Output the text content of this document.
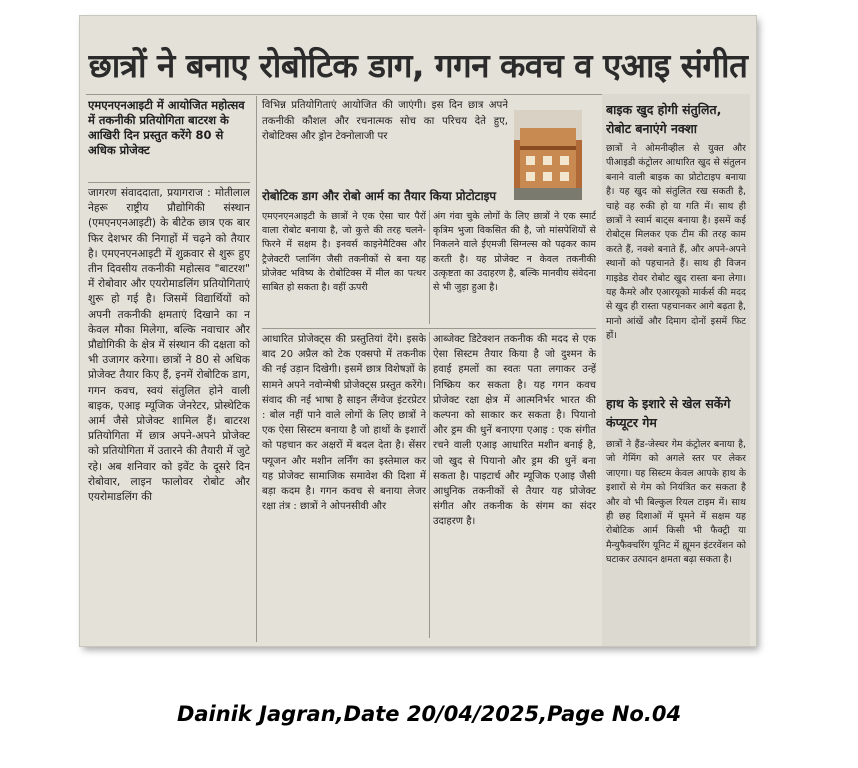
छात्रों ने बनाए रोबोटिक डाग, गगन कवच व एआइ संगीत
एमएनएनआइटी में आयोजित महोत्सव में तकनीकी प्रतियोगिता बाटरश के आखिरी दिन प्रस्तुत करेंगे 80 से अधिक प्रोजेक्ट
जागरण संवाददाता, प्रयागराज : मोतीलाल नेहरू राष्ट्रीय प्रौद्योगिकी संस्थान (एमएनएनआइटी) के बीटेक छात्र एक बार फिर देशभर की निगाहों में चढ़ने को तैयार है। एमएनएनआइटी में शुक्रवार से शुरू हुए तीन दिवसीय तकनीकी महोत्सव "बाटरश" में रोबोवार और एयरोमाडलिंग प्रतियोगिताएं शुरू हो गई है। जिसमें विद्यार्थियों को अपनी तकनीकी क्षमताएं दिखाने का न केवल मौका मिलेगा, बल्कि नवाचार और प्रौद्योगिकी के क्षेत्र में संस्थान की दक्षता को भी उजागर करेगा। छात्रों ने 80 से अधिक प्रोजेक्ट तैयार किए हैं, इनमें रोबोटिक डाग, गगन कवच, स्वयं संतुलित होने वाली बाइक, एआइ म्यूजिक जेनरेटर, प्रोस्थेटिक आर्म जैसे प्रोजेक्ट शामिल हैं। बाटरश प्रतियोगिता में छात्र अपने-अपने प्रोजेक्ट को प्रतियोगिता में उतारने की तैयारी में जुटे रहे। अब शनिवार को इवेंट के दूसरे दिन रोबोवार, लाइन फालोवर रोबोट और एयरोमाडलिंग की
विभिन्न प्रतियोगिताएं आयोजित की जाएंगी। इस दिन छात्र अपने तकनीकी कौशल और रचनात्मक सोच का परिचय देते हुए, रोबोटिक्स और ड्रोन टेक्नोलाजी पर
रोबोटिक डाग और रोबो आर्म का तैयार किया प्रोटोटाइप
एमएनएनआइटी के छात्रों ने एक ऐसा चार पैरों वाला रोबोट बनाया है, जो कुत्ते की तरह चलने-फिरने में सक्षम है। इनवर्स काइनेमैटिक्स और ट्रैजेक्टरी प्लानिंग जैसी तकनीकों से बना यह प्रोजेक्ट भविष्य के रोबोटिक्स में मील का पत्थर साबित हो सकता है। वहीं ऊपरी
अंग गंवा चुके लोगों के लिए छात्रों ने एक स्मार्ट कृत्रिम भुजा विकसित की है, जो मांसपेशियों से निकलने वाले ईएमजी सिग्नल्स को पढ़कर काम करती है। यह प्रोजेक्ट न केवल तकनीकी उत्कृष्टता का उदाहरण है, बल्कि मानवीय संवेदना से भी जुड़ा हुआ है।
आधारित प्रोजेक्ट्स की प्रस्तुतियां देंगे। इसके बाद 20 अप्रैल को टेक एक्सपो में तकनीक की नई उड़ान दिखेगी। इसमें छात्र विशेषज्ञों के सामने अपने नवोन्मेषी प्रोजेक्ट्स प्रस्तुत करेंगे। संवाद की नई भाषा है साइन लैंग्वेज इंटरप्रेटर : बोल नहीं पाने वाले लोगों के लिए छात्रों ने एक ऐसा सिस्टम बनाया है जो हाथों के इशारों को पहचान कर अक्षरों में बदल देता है। सेंसर फ्यूजन और मशीन लर्निंग का इस्तेमाल कर यह प्रोजेक्ट सामाजिक समावेश की दिशा में बड़ा कदम है। गगन कवच से बनाया लेजर रक्षा तंत्र : छात्रों ने ओपनसीवी और
आब्जेक्ट डिटेक्शन तकनीक की मदद से एक ऐसा सिस्टम तैयार किया है जो दुश्मन के हवाई हमलों का स्वतः पता लगाकर उन्हें निष्क्रिय कर सकता है। यह गगन कवच प्रोजेक्ट रक्षा क्षेत्र में आत्मनिर्भर भारत की कल्पना को साकार कर सकता है। पियानो और ड्रम की धुनें बनाएगा एआइ : एक संगीत रचने वाली एआइ आधारित मशीन बनाई है, जो खुद से पियानो और ड्रम की धुनें बना सकता है। पाइटार्च और म्यूजिक एआइ जैसी आधुनिक तकनीकों से तैयार यह प्रोजेक्ट संगीत और तकनीक के संगम का संदर उदाहरण है।
बाइक खुद होगी संतुलित, रोबोट बनाएंगे नक्शा
छात्रों ने ओमनीव्हील से युक्त और पीआइडी कंट्रोलर आधारित खुद से संतुलन बनाने वाली बाइक का प्रोटोटाइप बनाया है। यह खुद को संतुलित रख सकती है, चाहे वह रुकी हो या गति में। साथ ही छात्रों ने स्वार्म बाट्स बनाया है। इसमें कई रोबोट्स मिलकर एक टीम की तरह काम करते हैं, नक्शे बनाते हैं, और अपने-अपने स्थानों को पहचानते हैं। साथ ही विजन गाइडेड रोवर रोबोट खुद रास्ता बना लेगा। यह कैमरे और एआरयूको मार्कर्स की मदद से खुद ही रास्ता पहचानकर आगे बढ़ता है, मानो आंखें और दिमाग दोनों इसमें फिट हों।
हाथ के इशारे से खेल सकेंगे कंप्यूटर गेम
छात्रों ने हैंड-जेस्चर गेम कंट्रोलर बनाया है, जो गेमिंग को अगले स्तर पर लेकर जाएगा। यह सिस्टम केवल आपके हाथ के इशारों से गेम को नियंत्रित कर सकता है और वो भी बिल्कुल रियल टाइम में। साथ ही छह दिशाओं में घूमने में सक्षम यह रोबोटिक आर्म किसी भी फैक्ट्री या मैन्युफैक्चरिंग यूनिट में ह्यूमन इंटरवेंशन को घटाकर उत्पादन क्षमता बढ़ा सकता है।
Dainik Jagran,Date 20/04/2025,Page No.04
